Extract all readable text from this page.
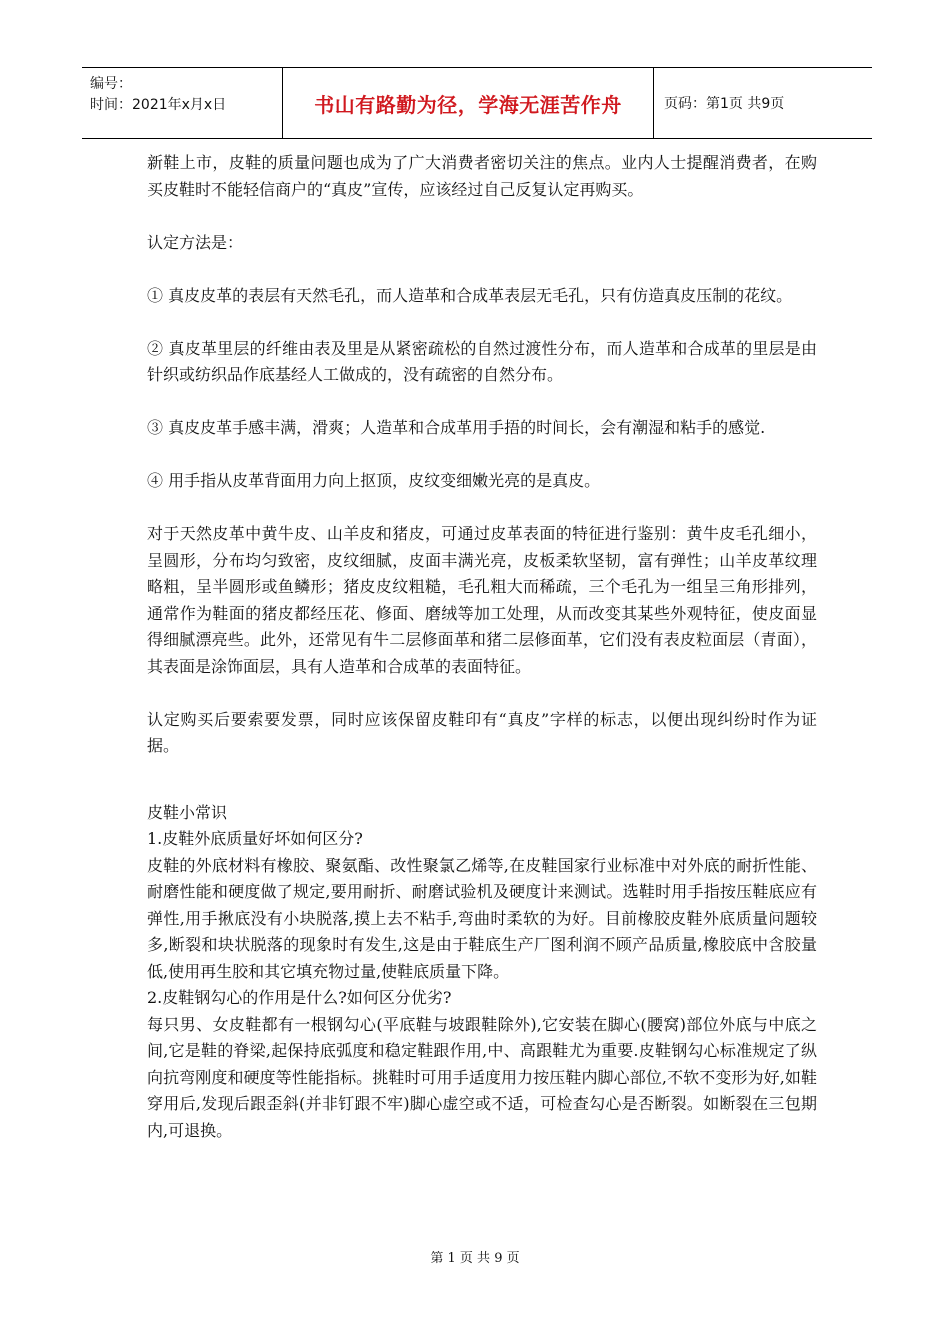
编号：
时间：2021年x月x日	书山有路勤为径，学海无涯苦作舟	页码：第1页 共9页

新鞋上市，皮鞋的质量问题也成为了广大消费者密切关注的焦点。业内人士提醒消费者，在购买皮鞋时不能轻信商户的“真皮”宣传，应该经过自己反复认定再购买。

认定方法是：

① 真皮皮革的表层有天然毛孔，而人造革和合成革表层无毛孔，只有仿造真皮压制的花纹。

② 真皮革里层的纤维由表及里是从紧密疏松的自然过渡性分布，而人造革和合成革的里层是由针织或纺织品作底基经人工做成的，没有疏密的自然分布。

③ 真皮皮革手感丰满，滑爽；人造革和合成革用手捂的时间长，会有潮湿和粘手的感觉.

④ 用手指从皮革背面用力向上抠顶，皮纹变细嫩光亮的是真皮。

对于天然皮革中黄牛皮、山羊皮和猪皮，可通过皮革表面的特征进行鉴别：黄牛皮毛孔细小，呈圆形，分布均匀致密，皮纹细腻，皮面丰满光亮，皮板柔软坚韧，富有弹性；山羊皮革纹理略粗，呈半圆形或鱼鳞形；猪皮皮纹粗糙，毛孔粗大而稀疏，三个毛孔为一组呈三角形排列，通常作为鞋面的猪皮都经压花、修面、磨绒等加工处理，从而改变其某些外观特征，使皮面显得细腻漂亮些。此外，还常见有牛二层修面革和猪二层修面革，它们没有表皮粒面层（青面），其表面是涂饰面层，具有人造革和合成革的表面特征。

认定购买后要索要发票，同时应该保留皮鞋印有“真皮”字样的标志，以便出现纠纷时作为证据。

皮鞋小常识

1.皮鞋外底质量好坏如何区分?

皮鞋的外底材料有橡胶、聚氨酯、改性聚氯乙烯等,在皮鞋国家行业标准中对外底的耐折性能、耐磨性能和硬度做了规定,要用耐折、耐磨试验机及硬度计来测试。选鞋时用手指按压鞋底应有弹性,用手揪底没有小块脱落,摸上去不粘手,弯曲时柔软的为好。目前橡胶皮鞋外底质量问题较多,断裂和块状脱落的现象时有发生,这是由于鞋底生产厂图利润不顾产品质量,橡胶底中含胶量低,使用再生胶和其它填充物过量,使鞋底质量下降。

2.皮鞋钢勾心的作用是什么?如何区分优劣?

每只男、女皮鞋都有一根钢勾心(平底鞋与坡跟鞋除外),它安装在脚心(腰窝)部位外底与中底之间,它是鞋的脊梁,起保持底弧度和稳定鞋跟作用,中、高跟鞋尤为重要.皮鞋钢勾心标准规定了纵向抗弯刚度和硬度等性能指标。挑鞋时可用手适度用力按压鞋内脚心部位,不软不变形为好,如鞋穿用后,发现后跟歪斜(并非钉跟不牢)脚心虚空或不适，可检查勾心是否断裂。如断裂在三包期内,可退换。

第 1 页 共 9 页
